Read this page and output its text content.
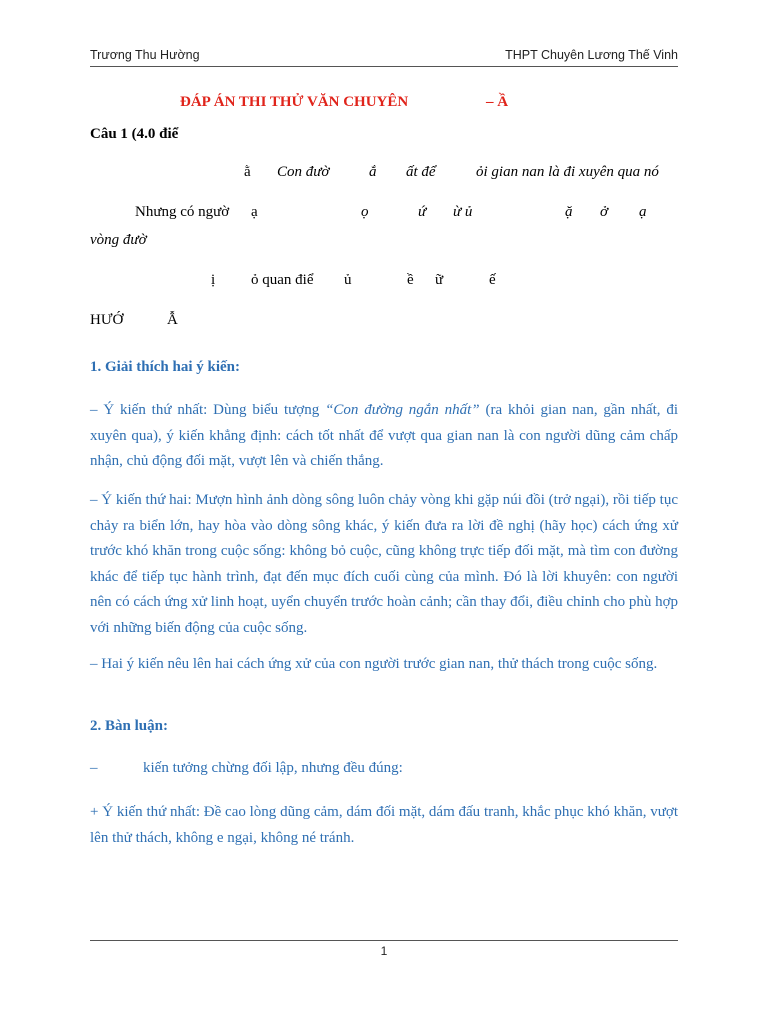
Trương Thu Hường	THPT Chuyên Lương Thế Vinh
ĐÁP ÁN THI THỬ VĂN CHUYÊN	– Ầ
Câu 1 (4.0 điể
ằ Con đườ	ắ ất để	ỏi gian nan là đi xuyên qua nó
Nhưng có ngườ ạ	ọ	ứ ừ ủ	ặ ở ạ
vòng đườ
ị ỏ quan điể ủ	ề ữ	ế
HƯỚ	Ẫ
1. Giải thích hai ý kiến:
– Ý kiến thứ nhất: Dùng biểu tượng “Con đường ngắn nhất” (ra khỏi gian nan, gần nhất, đi xuyên qua), ý kiến khẳng định: cách tốt nhất để vượt qua gian nan là con người dũng cảm chấp nhận, chủ động đối mặt, vượt lên và chiến thắng.
– Ý kiến thứ hai: Mượn hình ảnh dòng sông luôn chảy vòng khi gặp núi đồi (trở ngại), rồi tiếp tục chảy ra biển lớn, hay hòa vào dòng sông khác, ý kiến đưa ra lời đề nghị (hãy học) cách ứng xử trước khó khăn trong cuộc sống: không bỏ cuộc, cũng không trực tiếp đối mặt, mà tìm con đường khác để tiếp tục hành trình, đạt đến mục đích cuối cùng của mình. Đó là lời khuyên: con người nên có cách ứng xử linh hoạt, uyển chuyển trước hoàn cảnh; cần thay đổi, điều chỉnh cho phù hợp với những biến động của cuộc sống.
– Hai ý kiến nêu lên hai cách ứng xử của con người trước gian nan, thử thách trong cuộc sống.
2. Bàn luận:
–	kiến tưởng chừng đối lập, nhưng đều đúng:
+ Ý kiến thứ nhất: Đề cao lòng dũng cảm, dám đối mặt, dám đấu tranh, khắc phục khó khăn, vượt lên thử thách, không e ngại, không né tránh.
1
